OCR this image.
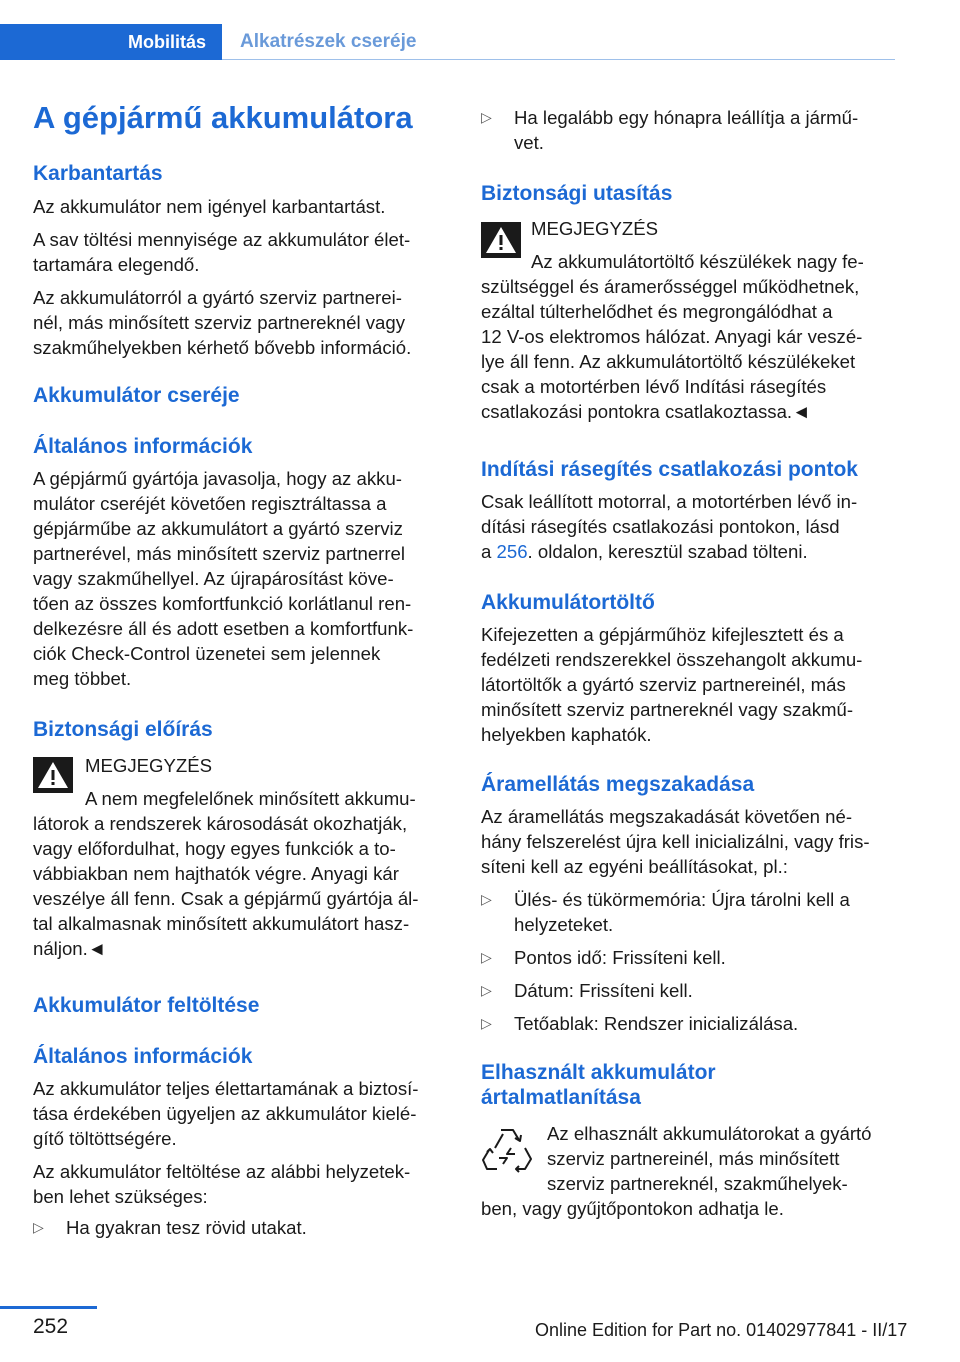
Mobilitás	Alkatrészek cseréje
A gépjármű akkumulátora
Karbantartás
Az akkumulátor nem igényel karbantartást.
A sav töltési mennyisége az akkumulátor élet-
tartamára elegendő.
Az akkumulátorról a gyártó szerviz partnerei-
nél, más minősített szerviz partnereknél vagy
szakműhelyekben kérhető bővebb információ.
Akkumulátor cseréje
Általános információk
A gépjármű gyártója javasolja, hogy az akku-
mulátor cseréjét követően regisztráltassa a
gépjárműbe az akkumulátort a gyártó szerviz
partnerével, más minősített szerviz partnerrel
vagy szakműhellyel. Az újrapárosítást köve-
tően az összes komfortfunkció korlátlanul ren-
delkezésre áll és adott esetben a komfortfunk-
ciók Check-Control üzenetei sem jelennek
meg többet.
Biztonsági előírás
MEGJEGYZÉS
A nem megfelelőnek minősített akkumu-
látorok a rendszerek károsodását okozhatják,
vagy előfordulhat, hogy egyes funkciók a to-
vábbiakban nem hajthatók végre. Anyagi kár
veszélye áll fenn. Csak a gépjármű gyártója ál-
tal alkalmasnak minősített akkumulátort hasz-
náljon.◄
Akkumulátor feltöltése
Általános információk
Az akkumulátor teljes élettartamának a biztosí-
tása érdekében ügyeljen az akkumulátor kielé-
gítő töltöttségére.
Az akkumulátor feltöltése az alábbi helyzetek-
ben lehet szükséges:
▷ Ha gyakran tesz rövid utakat.
▷ Ha legalább egy hónapra leállítja a jármű-
vet.
Biztonsági utasítás
MEGJEGYZÉS
Az akkumulátortöltő készülékek nagy fe-
szültséggel és áramerősséggel működhetnek,
ezáltal túlterhelődhet és megrongálódhat a
12 V-os elektromos hálózat. Anyagi kár veszé-
lye áll fenn. Az akkumulátortöltő készülékeket
csak a motortérben lévő Indítási rásegítés
csatlakozási pontokra csatlakoztassa.◄
Indítási rásegítés csatlakozási pontok
Csak leállított motorral, a motortérben lévő in-
dítási rásegítés csatlakozási pontokon, lásd
a 256. oldalon, keresztül szabad tölteni.
Akkumulátortöltő
Kifejezetten a gépjárműhöz kifejlesztett és a
fedélzeti rendszerekkel összehangolt akkumu-
látortöltők a gyártó szerviz partnereinél, más
minősített szerviz partnereknél vagy szakmű-
helyekben kaphatók.
Áramellátás megszakadása
Az áramellátás megszakadását követően né-
hány felszerelést újra kell inicializálni, vagy fris-
síteni kell az egyéni beállításokat, pl.:
▷ Ülés- és tükörmemória: Újra tárolni kell a
helyzeteket.
▷ Pontos idő: Frissíteni kell.
▷ Dátum: Frissíteni kell.
▷ Tetőablak: Rendszer inicializálása.
Elhasznált akkumulátor
ártalmatlanítása
Az elhasznált akkumulátorokat a gyártó
szerviz partnereinél, más minősített
szerviz partnereknél, szakműhelyek-
ben, vagy gyűjtőpontokon adhatja le.
252	Online Edition for Part no. 01402977841 - II/17
